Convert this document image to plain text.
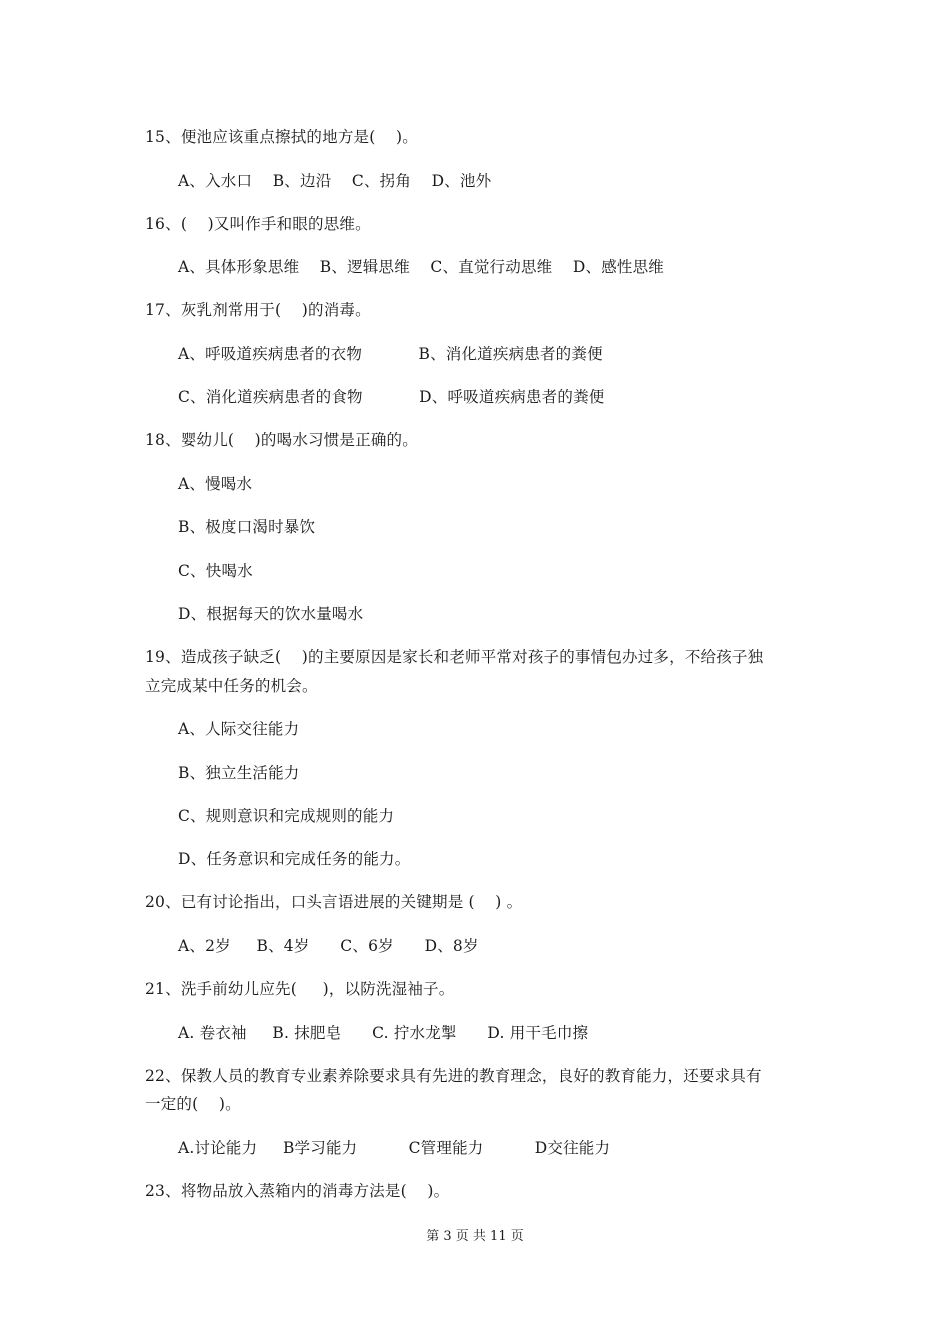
15、便池应该重点擦拭的地方是(    )。
A、入水口    B、边沿    C、拐角    D、池外
16、(    )又叫作手和眼的思维。
A、具体形象思维    B、逻辑思维    C、直觉行动思维    D、感性思维
17、灰乳剂常用于(    )的消毒。
A、呼吸道疾病患者的衣物           B、消化道疾病患者的粪便
C、消化道疾病患者的食物           D、呼吸道疾病患者的粪便
18、婴幼儿(    )的喝水习惯是正确的。
A、慢喝水
B、极度口渴时暴饮
C、快喝水
D、根据每天的饮水量喝水
19、造成孩子缺乏(    )的主要原因是家长和老师平常对孩子的事情包办过多，不给孩子独
立完成某中任务的机会。
A、人际交往能力
B、独立生活能力
C、规则意识和完成规则的能力
D、任务意识和完成任务的能力。
20、已有讨论指出，口头言语进展的关键期是 (    ) 。
A、2岁     B、4岁      C、6岁      D、8岁
21、洗手前幼儿应先(     )，以防洗湿袖子。
A. 卷衣袖     B. 抹肥皂      C. 拧水龙掣      D. 用干毛巾擦
22、保教人员的教育专业素养除要求具有先进的教育理念，良好的教育能力，还要求具有
一定的(    )。
A.讨论能力     B学习能力          C管理能力          D交往能力
23、将物品放入蒸箱内的消毒方法是(    )。
第 3 页 共 11 页
